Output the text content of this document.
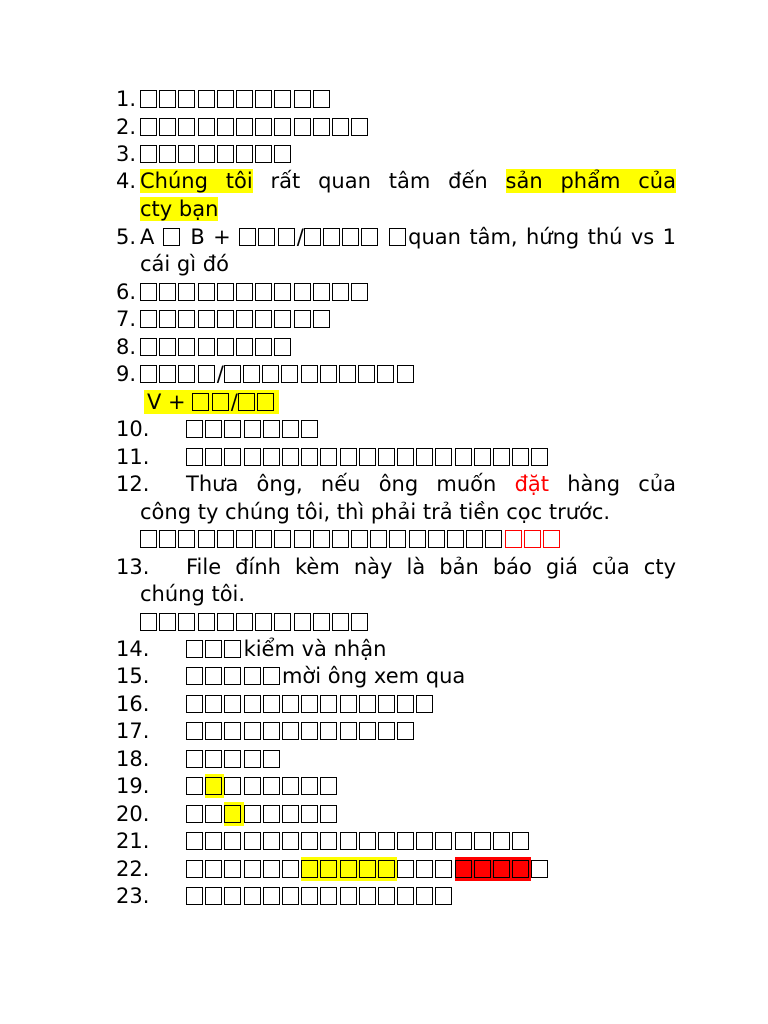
1.
2.
3.
4. Chúng tôi rất quan tâm đến sản phẩm của
cty bạn
5. A  B +	/	quan tâm, hứng thú vs 1
cái gì đó
6.
7.
8.
9.	/
V + /
10.
11.
12. Thưa ông, nếu ông muốn đặt hàng của
công ty chúng tôi, thì phải trả tiền cọc trước.
13. File đính kèm này là bản báo giá của cty
chúng tôi.
14.	kiểm và nhận
15.	mời ông xem qua
16.
17.
18.
19.
20.
21.
22.
23.
